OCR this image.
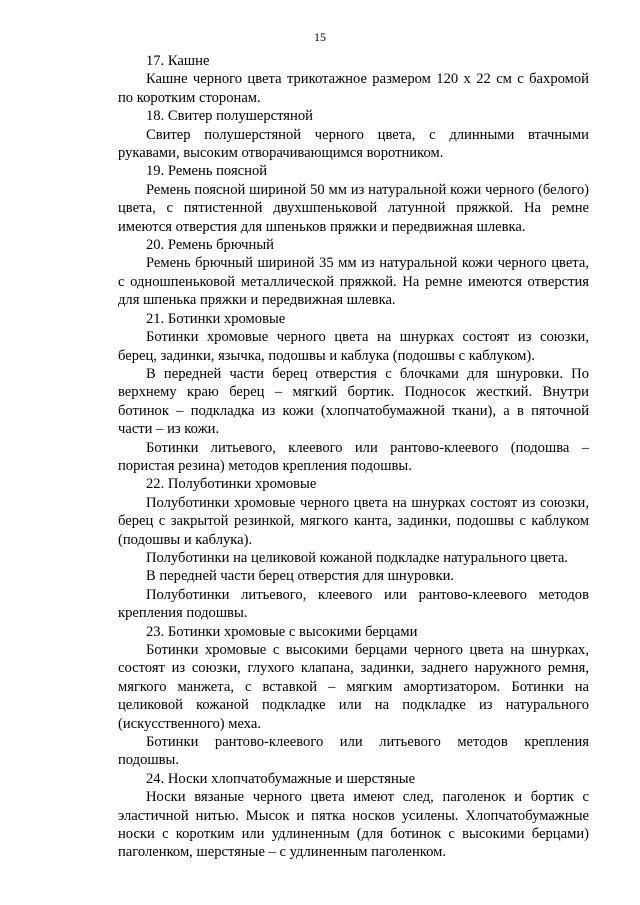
15
17. Кашне
Кашне черного цвета трикотажное размером 120 х 22 см с бахромой по коротким сторонам.
18. Свитер полушерстяной
Свитер полушерстяной черного цвета, с длинными втачными рукавами, высоким отворачивающимся воротником.
19. Ремень поясной
Ремень поясной шириной 50 мм из натуральной кожи черного (белого) цвета, с пятистенной двухшпеньковой латунной пряжкой. На ремне имеются отверстия для шпеньков пряжки и передвижная шлевка.
20. Ремень брючный
Ремень брючный шириной 35 мм из натуральной кожи черного цвета, с одношпеньковой металлической пряжкой. На ремне имеются отверстия для шпенька пряжки и передвижная шлевка.
21. Ботинки хромовые
Ботинки хромовые черного цвета на шнурках состоят из союзки, берец, задинки, язычка, подошвы и каблука (подошвы с каблуком).
В передней части берец отверстия с блочками для шнуровки. По верхнему краю берец – мягкий бортик. Подносок жесткий. Внутри ботинок – подкладка из кожи (хлопчатобумажной ткани), а в пяточной части – из кожи.
Ботинки литьевого, клеевого или рантово-клеевого (подошва – пористая резина) методов крепления подошвы.
22. Полуботинки хромовые
Полуботинки хромовые черного цвета на шнурках состоят из союзки, берец с закрытой резинкой, мягкого канта, задинки, подошвы с каблуком (подошвы и каблука).
Полуботинки на целиковой кожаной подкладке натурального цвета.
В передней части берец отверстия для шнуровки.
Полуботинки литьевого, клеевого или рантово-клеевого методов крепления подошвы.
23. Ботинки хромовые с высокими берцами
Ботинки хромовые с высокими берцами черного цвета на шнурках, состоят из союзки, глухого клапана, задинки, заднего наружного ремня, мягкого манжета, с вставкой – мягким амортизатором. Ботинки на целиковой кожаной подкладке или на подкладке из натурального (искусственного) меха.
Ботинки рантово-клеевого или литьевого методов крепления подошвы.
24. Носки хлопчатобумажные и шерстяные
Носки вязаные черного цвета имеют след, паголенок и бортик с эластичной нитью. Мысок и пятка носков усилены. Хлопчатобумажные носки с коротким или удлиненным (для ботинок с высокими берцами) паголенком, шерстяные – с удлиненным паголенком.
